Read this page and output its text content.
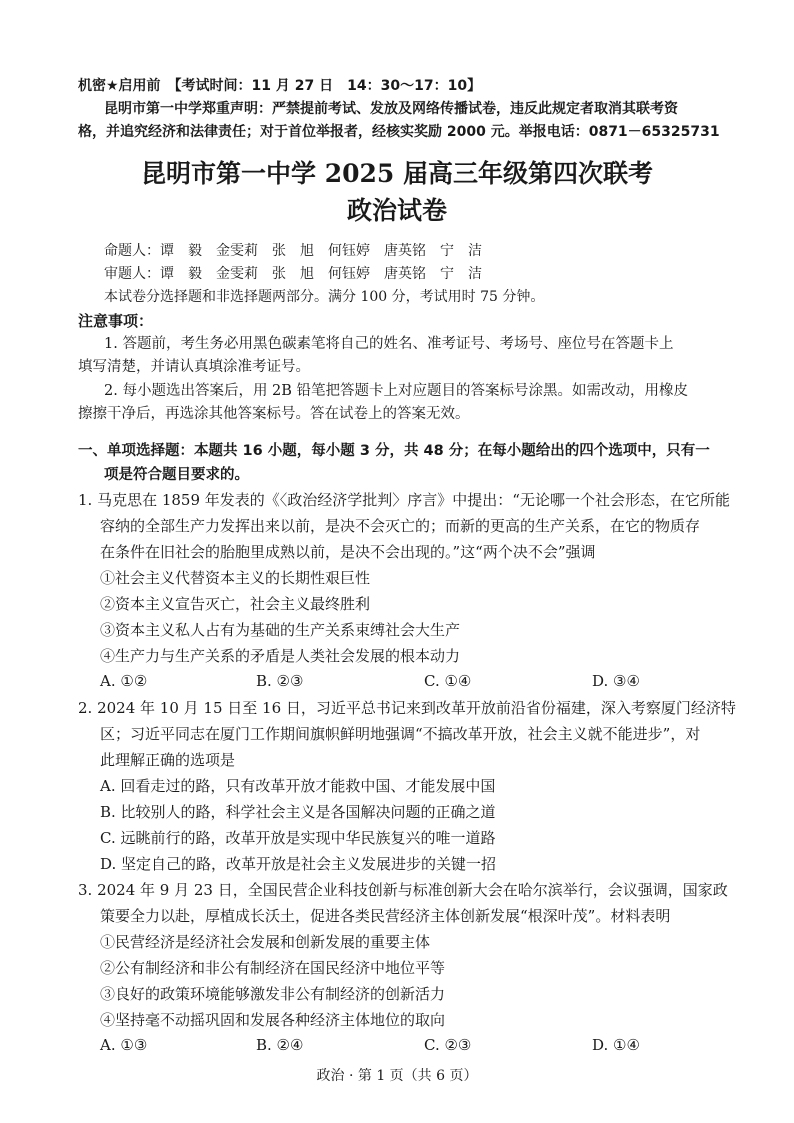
机密★启用前　【考试时间：11 月 27 日　14：30～17：10】
昆明市第一中学郑重声明：严禁提前考试、发放及网络传播试卷，违反此规定者取消其联考资
格，并追究经济和法律责任；对于首位举报者，经核实奖励 2000 元。举报电话：0871－65325731
昆明市第一中学 2025 届高三年级第四次联考
政治试卷
命题人：谭　毅　金雯莉　张　旭　何钰婷　唐英铭　宁　洁
审题人：谭　毅　金雯莉　张　旭　何钰婷　唐英铭　宁　洁
本试卷分选择题和非选择题两部分。满分 100 分，考试用时 75 分钟。
注意事项：
1. 答题前，考生务必用黑色碳素笔将自己的姓名、准考证号、考场号、座位号在答题卡上
填写清楚，并请认真填涂准考证号。
2. 每小题选出答案后，用 2B 铅笔把答题卡上对应题目的答案标号涂黑。如需改动，用橡皮
擦擦干净后，再选涂其他答案标号。答在试卷上的答案无效。
一、单项选择题：本题共 16 小题，每小题 3 分，共 48 分；在每小题给出的四个选项中，只有一
项是符合题目要求的。
1. 马克思在 1859 年发表的《〈政治经济学批判〉序言》中提出：“无论哪一个社会形态，在它所能
容纳的全部生产力发挥出来以前，是决不会灭亡的；而新的更高的生产关系，在它的物质存
在条件在旧社会的胎胞里成熟以前，是决不会出现的。”这“两个决不会”强调
①社会主义代替资本主义的长期性艰巨性
②资本主义宣告灭亡，社会主义最终胜利
③资本主义私人占有为基础的生产关系束缚社会大生产
④生产力与生产关系的矛盾是人类社会发展的根本动力
A. ①②	B. ②③	C. ①④	D. ③④
2. 2024 年 10 月 15 日至 16 日，习近平总书记来到改革开放前沿省份福建，深入考察厦门经济特
区；习近平同志在厦门工作期间旗帜鲜明地强调“不搞改革开放，社会主义就不能进步”，对
此理解正确的选项是
A. 回看走过的路，只有改革开放才能救中国、才能发展中国
B. 比较别人的路，科学社会主义是各国解决问题的正确之道
C. 远眺前行的路，改革开放是实现中华民族复兴的唯一道路
D. 坚定自己的路，改革开放是社会主义发展进步的关键一招
3. 2024 年 9 月 23 日，全国民营企业科技创新与标准创新大会在哈尔滨举行，会议强调，国家政
策要全力以赴，厚植成长沃土，促进各类民营经济主体创新发展“根深叶茂”。材料表明
①民营经济是经济社会发展和创新发展的重要主体
②公有制经济和非公有制经济在国民经济中地位平等
③良好的政策环境能够激发非公有制经济的创新活力
④坚持毫不动摇巩固和发展各种经济主体地位的取向
A. ①③	B. ②④	C. ②③	D. ①④
政治 · 第 1 页（共 6 页）
